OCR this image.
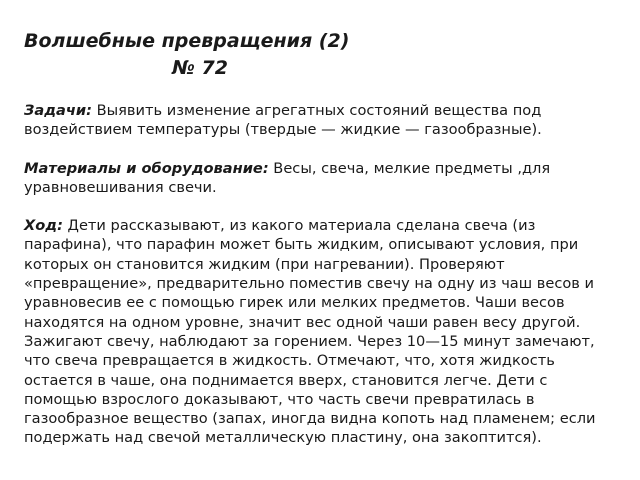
Волшебные превращения (2)

№ 72

Задачи: Выявить изменение агрегатных состояний вещества под воздействием температуры (твердые — жидкие — газообразные).

Материалы и оборудование: Весы, свеча, мелкие предметы ,для уравновешивания свечи.

Ход: Дети рассказывают, из какого материала сделана свеча (из парафина), что парафин может быть жидким, описывают условия, при которых он становится жидким (при нагревании). Проверяют «превращение», предварительно поместив свечу на одну из чаш весов и уравновесив ее с помощью гирек или мелких предметов. Чаши весов находятся на одном уровне, значит вес одной чаши равен весу другой. Зажигают свечу, наблюдают за горением. Через 10—15 минут замечают, что свеча превращается в жидкость. Отмечают, что, хотя жидкость остается в чаше, она поднимается вверх, становится легче. Дети с помощью взрослого доказывают, что часть свечи превратилась в газообразное вещество (запах, иногда видна копоть над пламенем; если подержать над свечой металлическую пластину, она закоптится).
